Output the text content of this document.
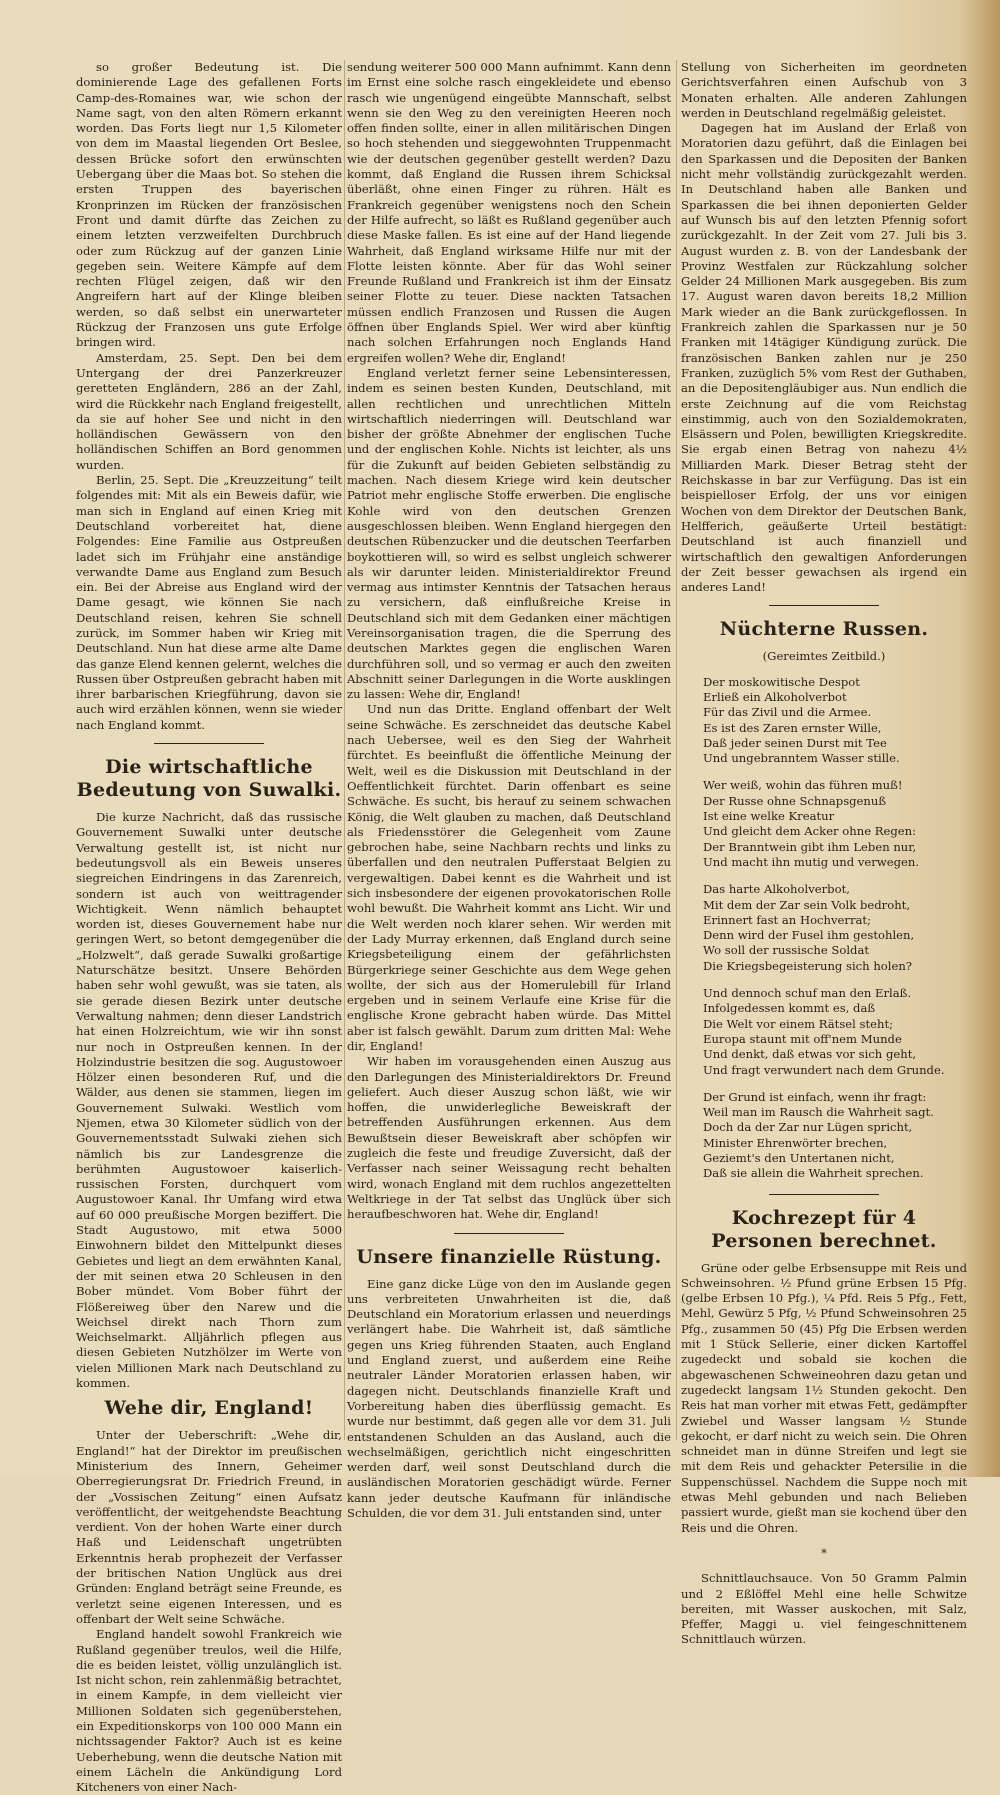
so großer Bedeutung ist. Die dominierende Lage des gefallenen Forts Camp-des-Romaines war, wie schon der Name sagt, von den alten Römern erkannt worden. Das Forts liegt nur 1,5 Kilometer von dem im Maastal liegenden Ort Beslee, dessen Brücke sofort den erwünschten Uebergang über die Maas bot. So stehen die ersten Truppen des bayerischen Kronprinzen im Rücken der französischen Front und damit dürfte das Zeichen zu einem letzten verzweifelten Durchbruch oder zum Rückzug auf der ganzen Linie gegeben sein. Weitere Kämpfe auf dem rechten Flügel zeigen, daß wir den Angreifern hart auf der Klinge bleiben werden, so daß selbst ein unerwarteter Rückzug der Franzosen uns gute Erfolge bringen wird.
Amsterdam, 25. Sept. Den bei dem Untergang der drei Panzerkreuzer geretteten Engländern, 286 an der Zahl, wird die Rückkehr nach England freigestellt, da sie auf hoher See und nicht in den holländischen Gewässern von den holländischen Schiffen an Bord genommen wurden.
Berlin, 25. Sept. Die „Kreuzzeitung“ teilt folgendes mit: Mit als ein Beweis dafür, wie man sich in England auf einen Krieg mit Deutschland vorbereitet hat, diene Folgendes: Eine Familie aus Ostpreußen ladet sich im Frühjahr eine anständige verwandte Dame aus England zum Besuch ein. Bei der Abreise aus England wird der Dame gesagt, wie können Sie nach Deutschland reisen, kehren Sie schnell zurück, im Sommer haben wir Krieg mit Deutschland. Nun hat diese arme alte Dame das ganze Elend kennen gelernt, welches die Russen über Ostpreußen gebracht haben mit ihrer barbarischen Kriegführung, davon sie auch wird erzählen können, wenn sie wieder nach England kommt.
Die wirtschaftliche Bedeutung von Suwalki.
Die kurze Nachricht, daß das russische Gouvernement Suwalki unter deutsche Verwaltung gestellt ist, ist nicht nur bedeutungsvoll als ein Beweis unseres siegreichen Eindringens in das Zarenreich, sondern ist auch von weittragender Wichtigkeit. Wenn nämlich behauptet worden ist, dieses Gouvernement habe nur geringen Wert, so betont demgegenüber die „Holzwelt“, daß gerade Suwalki großartige Naturschätze besitzt. Unsere Behörden haben sehr wohl gewußt, was sie taten, als sie gerade diesen Bezirk unter deutsche Verwaltung nahmen; denn dieser Landstrich hat einen Holzreichtum, wie wir ihn sonst nur noch in Ostpreußen kennen. In der Holzindustrie besitzen die sog. Augustowoer Hölzer einen besonderen Ruf, und die Wälder, aus denen sie stammen, liegen im Gouvernement Sulwaki. Westlich vom Njemen, etwa 30 Kilometer südlich von der Gouvernementsstadt Sulwaki ziehen sich nämlich bis zur Landesgrenze die berühmten Augustowoer kaiserlich-russischen Forsten, durchquert vom Augustowoer Kanal. Ihr Umfang wird etwa auf 60 000 preußische Morgen beziffert. Die Stadt Augustowo, mit etwa 5000 Einwohnern bildet den Mittelpunkt dieses Gebietes und liegt an dem erwähnten Kanal, der mit seinen etwa 20 Schleusen in den Bober mündet. Vom Bober führt der Flößereiweg über den Narew und die Weichsel direkt nach Thorn zum Weichselmarkt. Alljährlich pflegen aus diesen Gebieten Nutzhölzer im Werte von vielen Millionen Mark nach Deutschland zu kommen.
Wehe dir, England!
Unter der Ueberschrift: „Wehe dir, England!“ hat der Direktor im preußischen Ministerium des Innern, Geheimer Oberregierungsrat Dr. Friedrich Freund, in der „Vossischen Zeitung“ einen Aufsatz veröffentlicht, der weitgehendste Beachtung verdient. Von der hohen Warte einer durch Haß und Leidenschaft ungetrübten Erkenntnis herab prophezeit der Verfasser der britischen Nation Unglück aus drei Gründen: England beträgt seine Freunde, es verletzt seine eigenen Interessen, und es offenbart der Welt seine Schwäche.
England handelt sowohl Frankreich wie Rußland gegenüber treulos, weil die Hilfe, die es beiden leistet, völlig unzulänglich ist. Ist nicht schon, rein zahlenmäßig betrachtet, in einem Kampfe, in dem vielleicht vier Millionen Soldaten sich gegenüberstehen, ein Expeditionskorps von 100 000 Mann ein nichtssagender Faktor? Auch ist es keine Ueberhebung, wenn die deutsche Nation mit einem Lächeln die Ankündigung Lord Kitcheners von einer Nach-
sendung weiterer 500 000 Mann aufnimmt. Kann denn im Ernst eine solche rasch eingekleidete und ebenso rasch wie ungenügend eingeübte Mannschaft, selbst wenn sie den Weg zu den vereinigten Heeren noch offen finden sollte, einer in allen militärischen Dingen so hoch stehenden und sieggewohnten Truppenmacht wie der deutschen gegenüber gestellt werden? Dazu kommt, daß England die Russen ihrem Schicksal überläßt, ohne einen Finger zu rühren. Hält es Frankreich gegenüber wenigstens noch den Schein der Hilfe aufrecht, so läßt es Rußland gegenüber auch diese Maske fallen. Es ist eine auf der Hand liegende Wahrheit, daß England wirksame Hilfe nur mit der Flotte leisten könnte. Aber für das Wohl seiner Freunde Rußland und Frankreich ist ihm der Einsatz seiner Flotte zu teuer. Diese nackten Tatsachen müssen endlich Franzosen und Russen die Augen öffnen über Englands Spiel. Wer wird aber künftig nach solchen Erfahrungen noch Englands Hand ergreifen wollen? Wehe dir, England!
England verletzt ferner seine Lebensinteressen, indem es seinen besten Kunden, Deutschland, mit allen rechtlichen und unrechtlichen Mitteln wirtschaftlich niederringen will. Deutschland war bisher der größte Abnehmer der englischen Tuche und der englischen Kohle. Nichts ist leichter, als uns für die Zukunft auf beiden Gebieten selbständig zu machen. Nach diesem Kriege wird kein deutscher Patriot mehr englische Stoffe erwerben. Die englische Kohle wird von den deutschen Grenzen ausgeschlossen bleiben. Wenn England hiergegen den deutschen Rübenzucker und die deutschen Teerfarben boykottieren will, so wird es selbst ungleich schwerer als wir darunter leiden. Ministerialdirektor Freund vermag aus intimster Kenntnis der Tatsachen heraus zu versichern, daß einflußreiche Kreise in Deutschland sich mit dem Gedanken einer mächtigen Vereinsorganisation tragen, die die Sperrung des deutschen Marktes gegen die englischen Waren durchführen soll, und so vermag er auch den zweiten Abschnitt seiner Darlegungen in die Worte ausklingen zu lassen: Wehe dir, England!
Und nun das Dritte. England offenbart der Welt seine Schwäche. Es zerschneidet das deutsche Kabel nach Uebersee, weil es den Sieg der Wahrheit fürchtet. Es beeinflußt die öffentliche Meinung der Welt, weil es die Diskussion mit Deutschland in der Oeffentlichkeit fürchtet. Darin offenbart es seine Schwäche. Es sucht, bis herauf zu seinem schwachen König, die Welt glauben zu machen, daß Deutschland als Friedensstörer die Gelegenheit vom Zaune gebrochen habe, seine Nachbarn rechts und links zu überfallen und den neutralen Pufferstaat Belgien zu vergewaltigen. Dabei kennt es die Wahrheit und ist sich insbesondere der eigenen provokatorischen Rolle wohl bewußt. Die Wahrheit kommt ans Licht. Wir und die Welt werden noch klarer sehen. Wir werden mit der Lady Murray erkennen, daß England durch seine Kriegsbeteiligung einem der gefährlichsten Bürgerkriege seiner Geschichte aus dem Wege gehen wollte, der sich aus der Homerulebill für Irland ergeben und in seinem Verlaufe eine Krise für die englische Krone gebracht haben würde. Das Mittel aber ist falsch gewählt. Darum zum dritten Mal: Wehe dir, England!
Wir haben im vorausgehenden einen Auszug aus den Darlegungen des Ministerialdirektors Dr. Freund geliefert. Auch dieser Auszug schon läßt, wie wir hoffen, die unwiderlegliche Beweiskraft der betreffenden Ausführungen erkennen. Aus dem Bewußtsein dieser Beweiskraft aber schöpfen wir zugleich die feste und freudige Zuversicht, daß der Verfasser nach seiner Weissagung recht behalten wird, wonach England mit dem ruchlos angezettelten Weltkriege in der Tat selbst das Unglück über sich heraufbeschworen hat. Wehe dir, England!
Unsere finanzielle Rüstung.
Eine ganz dicke Lüge von den im Auslande gegen uns verbreiteten Unwahrheiten ist die, daß Deutschland ein Moratorium erlassen und neuerdings verlängert habe. Die Wahrheit ist, daß sämtliche gegen uns Krieg führenden Staaten, auch England und England zuerst, und außerdem eine Reihe neutraler Länder Moratorien erlassen haben, wir dagegen nicht. Deutschlands finanzielle Kraft und Vorbereitung haben dies überflüssig gemacht. Es wurde nur bestimmt, daß gegen alle vor dem 31. Juli entstandenen Schulden an das Ausland, auch die wechselmäßigen, gerichtlich nicht eingeschritten werden darf, weil sonst Deutschland durch die ausländischen Moratorien geschädigt würde. Ferner kann jeder deutsche Kaufmann für inländische Schulden, die vor dem 31. Juli entstanden sind, unter
Stellung von Sicherheiten im geordneten Gerichtsverfahren einen Aufschub von 3 Monaten erhalten. Alle anderen Zahlungen werden in Deutschland regelmäßig geleistet.
Dagegen hat im Ausland der Erlaß von Moratorien dazu geführt, daß die Einlagen bei den Sparkassen und die Depositen der Banken nicht mehr vollständig zurückgezahlt werden. In Deutschland haben alle Banken und Sparkassen die bei ihnen deponierten Gelder auf Wunsch bis auf den letzten Pfennig sofort zurückgezahlt. In der Zeit vom 27. Juli bis 3. August wurden z. B. von der Landesbank der Provinz Westfalen zur Rückzahlung solcher Gelder 24 Millionen Mark ausgegeben. Bis zum 17. August waren davon bereits 18,2 Million Mark wieder an die Bank zurückgeflossen. In Frankreich zahlen die Sparkassen nur je 50 Franken mit 14tägiger Kündigung zurück. Die französischen Banken zahlen nur je 250 Franken, zuzüglich 5% vom Rest der Guthaben, an die Depositengläubiger aus. Nun endlich die erste Zeichnung auf die vom Reichstag einstimmig, auch von den Sozialdemokraten, Elsässern und Polen, bewilligten Kriegskredite. Sie ergab einen Betrag von nahezu 4½ Milliarden Mark. Dieser Betrag steht der Reichskasse in bar zur Verfügung. Das ist ein beispielloser Erfolg, der uns vor einigen Wochen von dem Direktor der Deutschen Bank, Helfferich, geäußerte Urteil bestätigt: Deutschland ist auch finanziell und wirtschaftlich den gewaltigen Anforderungen der Zeit besser gewachsen als irgend ein anderes Land!
Nüchterne Russen.
(Gereimtes Zeitbild.)
Der moskowitische Despot
Erließ ein Alkoholverbot
Für das Zivil und die Armee.
Es ist des Zaren ernster Wille,
Daß jeder seinen Durst mit Tee
Und ungebranntem Wasser stille.
Wer weiß, wohin das führen muß!
Der Russe ohne Schnapsgenuß
Ist eine welke Kreatur
Und gleicht dem Acker ohne Regen:
Der Branntwein gibt ihm Leben nur,
Und macht ihn mutig und verwegen.
Das harte Alkoholverbot,
Mit dem der Zar sein Volk bedroht,
Erinnert fast an Hochverrat;
Denn wird der Fusel ihm gestohlen,
Wo soll der russische Soldat
Die Kriegsbegeisterung sich holen?
Und dennoch schuf man den Erlaß.
Infolgedessen kommt es, daß
Die Welt vor einem Rätsel steht;
Europa staunt mit off'nem Munde
Und denkt, daß etwas vor sich geht,
Und fragt verwundert nach dem Grunde.
Der Grund ist einfach, wenn ihr fragt:
Weil man im Rausch die Wahrheit sagt.
Doch da der Zar nur Lügen spricht,
Minister Ehrenwörter brechen,
Geziemt's den Untertanen nicht,
Daß sie allein die Wahrheit sprechen.
Kochrezept für 4 Personen berechnet.
Grüne oder gelbe Erbsensuppe mit Reis und Schweinsohren. ½ Pfund grüne Erbsen 15 Pfg. (gelbe Erbsen 10 Pfg.), ¼ Pfd. Reis 5 Pfg., Fett, Mehl, Gewürz 5 Pfg, ½ Pfund Schweinsohren 25 Pfg., zusammen 50 (45) Pfg Die Erbsen werden mit 1 Stück Sellerie, einer dicken Kartoffel zugedeckt und sobald sie kochen die abgewaschenen Schweineohren dazu getan und zugedeckt langsam 1½ Stunden gekocht. Den Reis hat man vorher mit etwas Fett, gedämpfter Zwiebel und Wasser langsam ½ Stunde gekocht, er darf nicht zu weich sein. Die Ohren schneidet man in dünne Streifen und legt sie mit dem Reis und gehackter Petersilie in die Suppenschüssel. Nachdem die Suppe noch mit etwas Mehl gebunden und nach Belieben passiert wurde, gießt man sie kochend über den Reis und die Ohren.
*
Schnittlauchsauce. Von 50 Gramm Palmin und 2 Eßlöffel Mehl eine helle Schwitze bereiten, mit Wasser auskochen, mit Salz, Pfeffer, Maggi u. viel feingeschnittenem Schnittlauch würzen.
